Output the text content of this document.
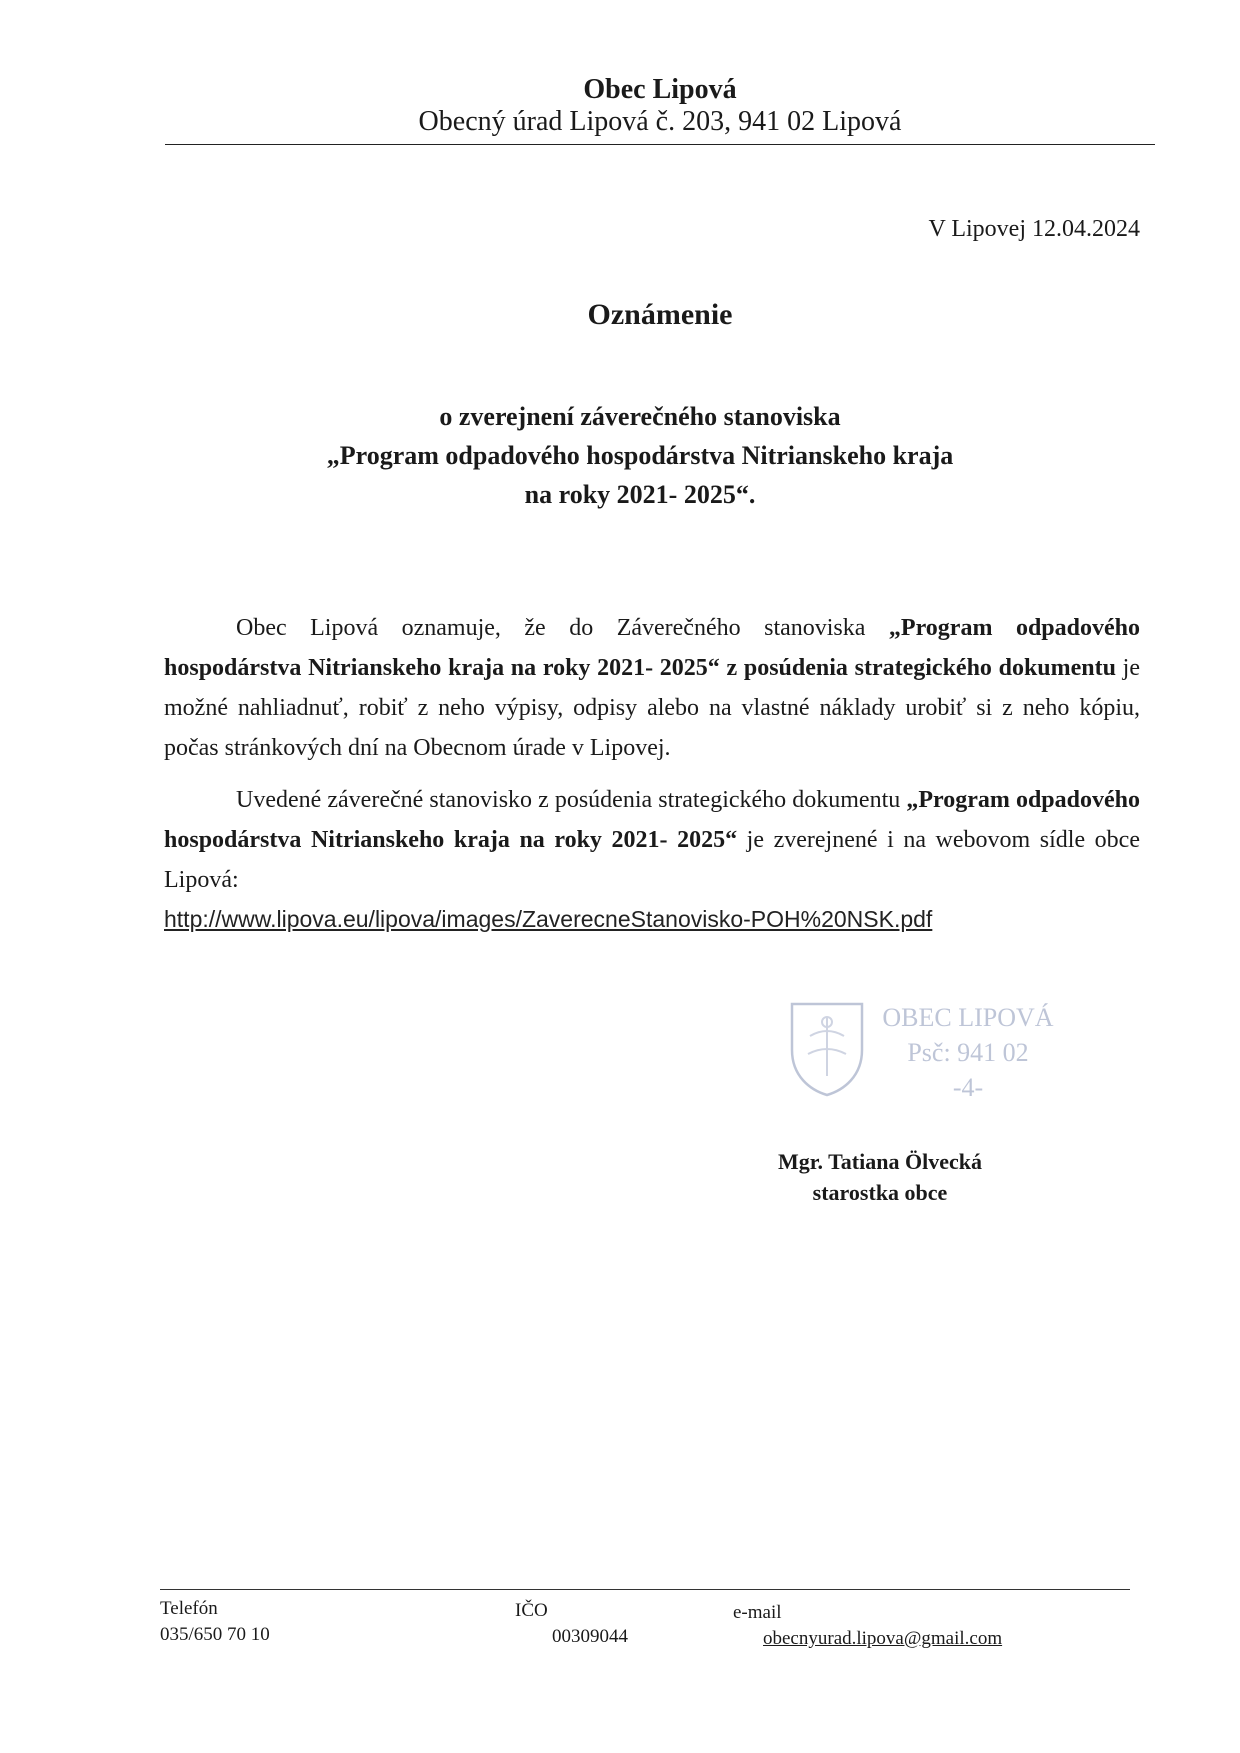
Obec Lipová
Obecný úrad Lipová č. 203, 941 02 Lipová
V Lipovej 12.04.2024
Oznámenie
o zverejnení záverečného stanoviska
„Program odpadového hospodárstva Nitrianskeho kraja
na roky 2021- 2025“.

Obec Lipová oznamuje, že do Záverečného stanoviska „Program odpadového hospodárstva Nitrianskeho kraja na roky 2021- 2025“ z posúdenia strategického dokumentu je možné nahliadnuť, robiť z neho výpisy, odpisy alebo na vlastné náklady urobiť si z neho kópiu, počas stránkových dní na Obecnom úrade v Lipovej.

Uvedené záverečné stanovisko z posúdenia strategického dokumentu „Program odpadového hospodárstva Nitrianskeho kraja na roky 2021- 2025“ je zverejnené i na webovom sídle obce Lipová:

http://www.lipova.eu/lipova/images/ZaverecneStanovisko-POH%20NSK.pdf
OBEC LIPOVÁ
Psč: 941 02
-4-
Mgr. Tatiana Ölvecká
starostka obce
Telefón
035/650 70 10
IČO
00309044
e-mail
obecnyurad.lipova@gmail.com
